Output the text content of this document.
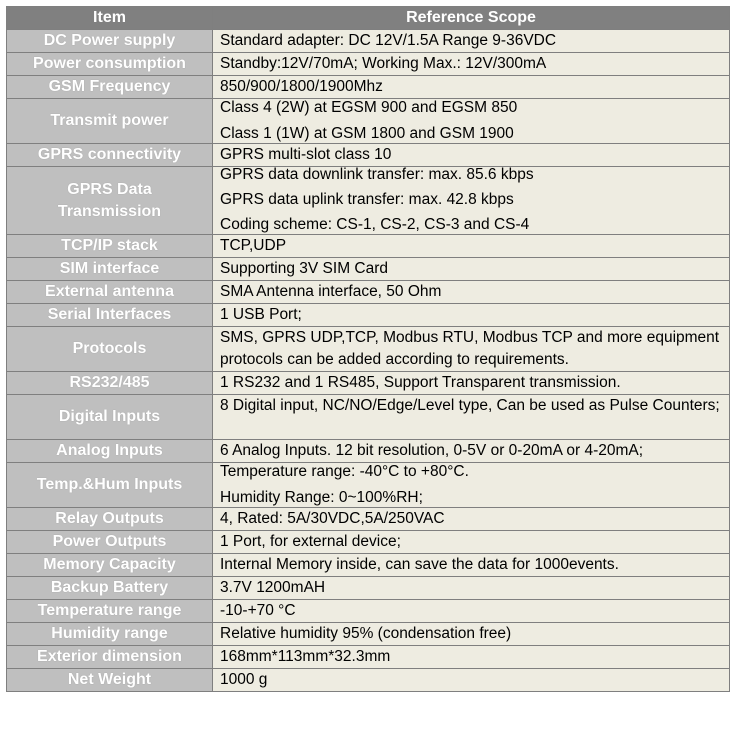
Item	Reference Scope
DC Power supply	Standard adapter: DC 12V/1.5A Range 9-36VDC

Power consumption	Standby:12V/70mA; Working Max.: 12V/300mA

GSM Frequency	850/900/1800/1900Mhz

Transmit power	Class 4 (2W) at EGSM 900 and EGSM 850
Class 1 (1W) at GSM 1800 and GSM 1900

GPRS connectivity	GPRS multi-slot class 10

GPRS Data
Transmission	GPRS data downlink transfer: max. 85.6 kbps
GPRS data uplink transfer: max. 42.8 kbps
Coding scheme: CS-1, CS-2, CS-3 and CS-4

TCP/IP stack	TCP,UDP

SIM interface	Supporting 3V SIM Card

External antenna	SMA Antenna interface, 50 Ohm

Serial Interfaces	1 USB Port;

Protocols	SMS, GPRS UDP,TCP, Modbus RTU, Modbus TCP and more equipment protocols can be added according to requirements.

RS232/485	1 RS232 and 1 RS485, Support Transparent transmission.

Digital Inputs	8 Digital input, NC/NO/Edge/Level type, Can be used as Pulse Counters;

Analog Inputs	6 Analog Inputs. 12 bit resolution, 0-5V or 0-20mA or 4-20mA;

Temp.&Hum Inputs	Temperature range: -40°C to +80°C.
Humidity Range: 0~100%RH;

Relay Outputs	4, Rated: 5A/30VDC,5A/250VAC

Power Outputs	1 Port, for external device;

Memory Capacity	Internal Memory inside, can save the data for 1000events.

Backup Battery	3.7V 1200mAH

Temperature range	-10-+70 °C

Humidity range	Relative humidity 95% (condensation free)

Exterior dimension	168mm*113mm*32.3mm

Net Weight	1000 g
